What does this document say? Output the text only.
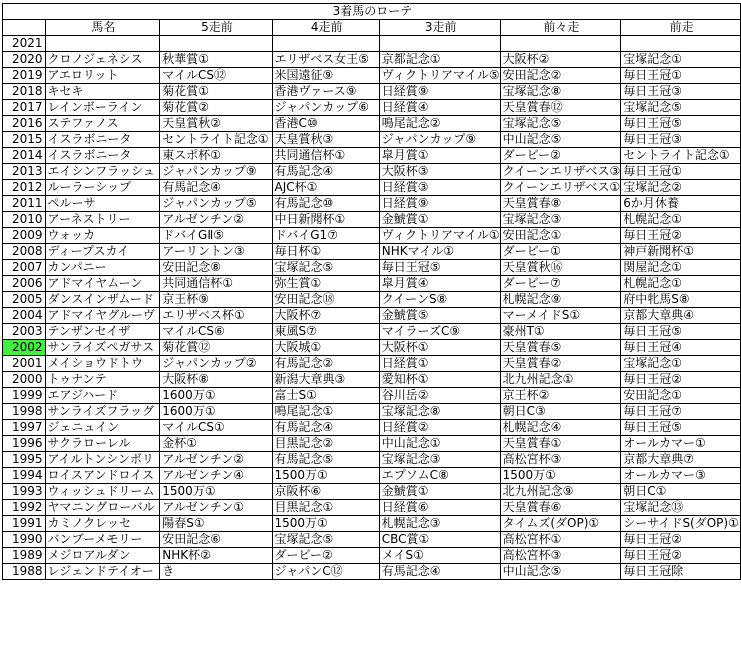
3着馬のローテ						
	馬名	5走前	4走前	3走前	前々走	前走
2021						
2020	クロノジェネシス	秋華賞①	エリザベス女王⑤	京都記念①	大阪杯②	宝塚記念①
2019	アエロリット	マイルCS⑫	米国遠征⑨	ヴィクトリアマイル⑤	安田記念②	毎日王冠①
2018	キセキ	菊花賞①	香港ヴァース⑨	日経賞⑨	宝塚記念⑧	毎日王冠③
2017	レインボーライン	菊花賞②	ジャパンカップ⑥	日経賞④	天皇賞春⑫	宝塚記念⑤
2016	ステファノス	天皇賞秋②	香港C⑩	鳴尾記念②	宝塚記念⑤	毎日王冠⑤
2015	イスラボニータ	セントライト記念①	天皇賞秋③	ジャパンカップ⑨	中山記念⑤	毎日王冠③
2014	イスラボニータ	東スポ杯①	共同通信杯①	皐月賞①	ダービー②	セントライト記念①
2013	エイシンフラッシュ	ジャパンカップ⑨	有馬記念④	大阪杯③	クイーンエリザベス③	毎日王冠①
2012	ルーラーシップ	有馬記念④	AJC杯①	日経賞③	クイーンエリザベス①	宝塚記念②
2011	ペルーサ	ジャパンカップ⑤	有馬記念⑩	日経賞⑨	天皇賞春⑧	6か月休養
2010	アーネストリー	アルゼンチン②	中日新聞杯①	金鯱賞①	宝塚記念③	札幌記念①
2009	ウォッカ	ドバイGⅡ⑤	ドバイG1⑦	ヴィクトリアマイル①	安田記念①	毎日王冠②
2008	ディープスカイ	アーリントン③	毎日杯①	NHKマイル①	ダービー①	神戸新聞杯①
2007	カンパニー	安田記念⑧	宝塚記念⑤	毎日王冠⑤	天皇賞秋⑯	関屋記念①
2006	アドマイヤムーン	共同通信杯①	弥生賞①	皐月賞④	ダービー⑦	札幌記念①
2005	ダンスインザムード	京王杯⑨	安田記念⑱	クイーンS⑧	札幌記念⑨	府中牝馬S⑧
2004	アドマイヤグルーヴ	エリザベス杯①	大阪杯⑦	金鯱賞⑤	マーメイドS①	京都大章典④
2003	テンザンセイザ	マイルCS⑥	東風S⑦	マイラーズC⑨	豪州T①	毎日王冠⑤
2002	サンライズペガサス	菊花賞⑫	大阪城①	大阪杯①	天皇賞春⑤	毎日王冠④
2001	メイショウドトウ	ジャパンカップ②	有馬記念②	日経賞①	天皇賞春②	宝塚記念①
2000	トゥナンテ	大阪杯⑧	新潟大章典③	愛知杯①	北九州記念①	毎日王冠②
1999	エアジハード	1600万①	富士S①	谷川岳②	京王杯②	安田記念①
1998	サンライズフラッグ	1600万①	鳴尾記念①	宝塚記念⑧	朝日C③	毎日王冠⑦
1997	ジェニュイン	マイルCS①	有馬記念④	日経賞②	札幌記念④	毎日王冠⑤
1996	サクラローレル	金杯①	目黒記念②	中山記念①	天皇賞春①	オールカマー①
1995	アイルトンシンボリ	アルゼンチン②	有馬記念⑤	宝塚記念③	高松宮杯③	京都大章典⑦
1994	ロイスアンドロイス	アルゼンチン④	1500万①	エプソムC⑧	1500万①	オールカマー③
1993	ウィッシュドリーム	1500万①	京阪杯⑥	金鯱賞①	北九州記念⑨	朝日C①
1992	ヤマニングローバル	アルゼンチン①	目黒記念①	日経賞⑥	天皇賞春⑥	宝塚記念⑬
1991	カミノクレッセ	陽春S①	1500万①	札幌記念③	タイムズ(ダOP)①	シーサイドS(ダOP)①
1990	バンブーメモリー	安田記念⑥	宝塚記念⑤	CBC賞①	高松宮杯①	毎日王冠②
1989	メジロアルダン	NHK杯②	ダービー②	メイS①	高松宮杯③	毎日王冠②
1988	レジェンドテイオー	き	ジャパンC⑫	有馬記念④	中山記念⑤	毎日王冠除
